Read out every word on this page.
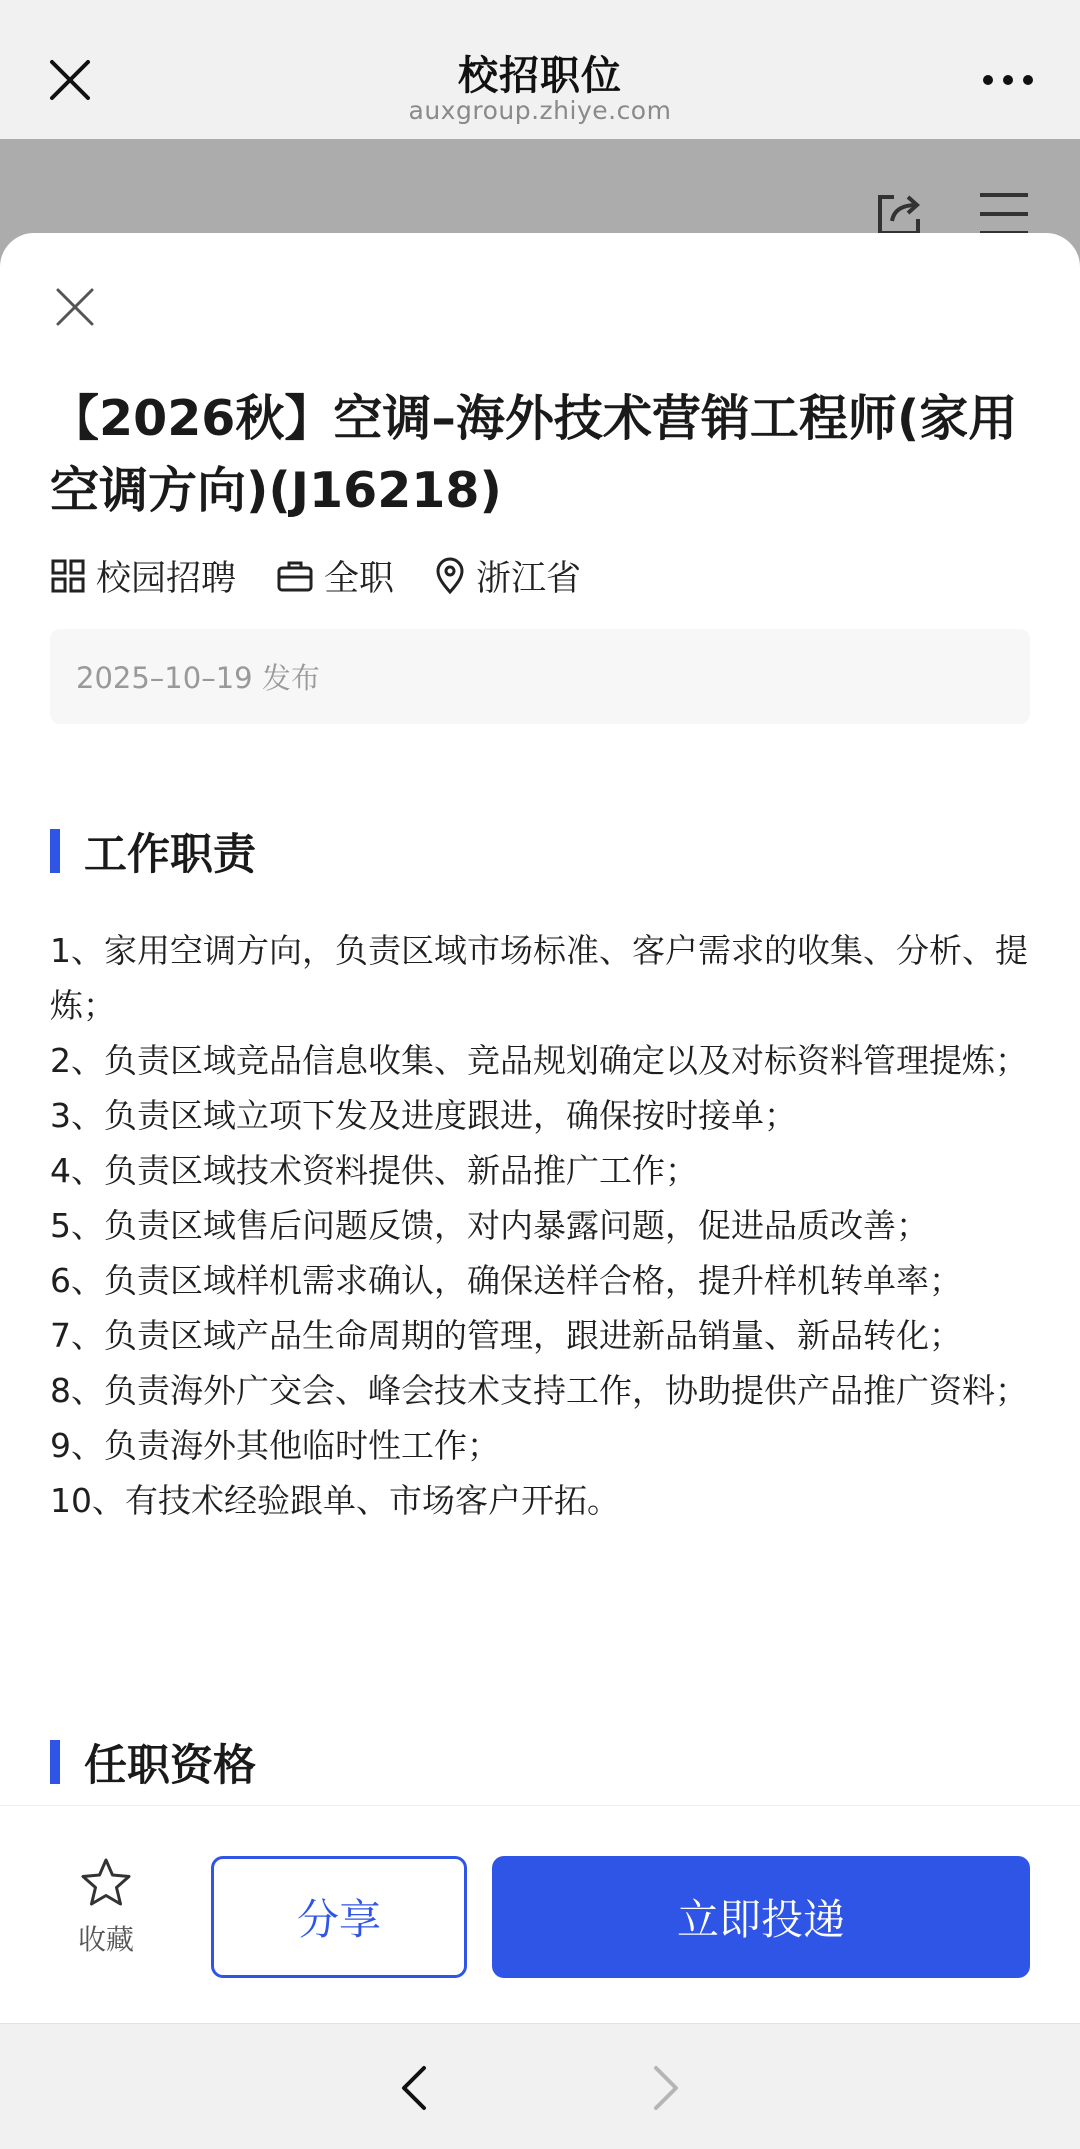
校招职位
auxgroup.zhiye.com
【2026秋】空调–海外技术营销工程师(家用空调方向)(J16218)
校园招聘	全职 浙江省
2025–10–19 发布
工作职责
1、家用空调方向，负责区域市场标准、客户需求的收集、分析、提炼；
2、负责区域竞品信息收集、竞品规划确定以及对标资料管理提炼；
3、负责区域立项下发及进度跟进，确保按时接单；
4、负责区域技术资料提供、新品推广工作；
5、负责区域售后问题反馈，对内暴露问题，促进品质改善；
6、负责区域样机需求确认，确保送样合格，提升样机转单率；
7、负责区域产品生命周期的管理，跟进新品销量、新品转化；
8、负责海外广交会、峰会技术支持工作，协助提供产品推广资料；
9、负责海外其他临时性工作；
10、有技术经验跟单、市场客户开拓。
任职资格
收藏	分享	立即投递
